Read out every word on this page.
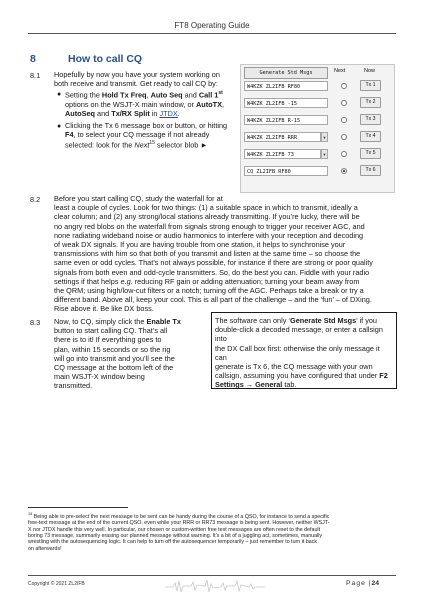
FT8 Operating Guide
8	How to call CQ
8.1 Hopefully by now you have your system working on
both receive and transmit. Get ready to call CQ by:
● Setting the Hold Tx Freq, Auto Seq and Call 1st
options on the WSJT-X main window, or AutoTX,
AutoSeq and Tx/RX Split in JTDX.
● Clicking the Tx 6 message box or button, or hitting
F4, to select your CQ message if not already
selected: look for the Next$^{15}$ selector blob ►
Generate Std Msgs	Next	Now
W4KZK ZL2IFB RF80	Tx 1
W4KZK ZL2IFB -15	Tx 2
W4KZK ZL2IFB R-15	Tx 3
W4KZK ZL2IFB RRR	▼	Tx 4
W4KZK ZL2IFB 73	▼	Tx 5
CQ ZL2IFB RF80	Tx 6
8.2 Before you start calling CQ, study the waterfall for at
least a couple of cycles. Look for two things: (1) a suitable space in which to transmit, ideally a
clear column; and (2) any strong/local stations already transmitting. If you’re lucky, there will be
no angry red blobs on the waterfall from signals strong enough to trigger your receiver AGC, and
none radiating wideband noise or audio harmonics to interfere with your reception and decoding
of weak DX signals. If you are having trouble from one station, it helps to synchronise your
transmissions with him so that both of you transmit and listen at the same time – so choose the
same even or odd cycles. That’s not always possible, for instance if there are strong or poor quality
signals from both even and odd-cycle transmitters. So, do the best you can. Fiddle with your radio
settings if that helps e.g. reducing RF gain or adding attenuation; turning your beam away from
the QRM; using high/low-cut filters or a notch; turning off the AGC. Perhaps take a break or try a
different band. Above all, keep your cool. This is all part of the challenge – and the ‘fun’ – of DXing.
Rise above it. Be like DX boss.
8.3 Now, to CQ, simply click the Enable Tx
button to start calling CQ. That’s all
there is to it! If everything goes to
plan, within 15 seconds or so the rig
will go into transmit and you’ll see the
CQ message at the bottom left of the
main WSJT-X window being
transmitted.
The software can only ‘Generate Std Msgs’ if you
double-click a decoded message, or enter a callsign into
the DX Call box first: otherwise the only message it can
generate is Tx 6, the CQ message with your own
callsign, assuming you have configured that under F2
Settings → General tab.
$^{15}$ Being able to pre-select the next message to be sent can be handy during the course of a QSO, for instance to send a specific
free-text message at the end of the current QSO, even while your RRR or RR73 message is being sent. However, neither WSJT-
X nor JTDX handle this very well. In particular, our chosen or custom-written free text messages are often reset to the default
boring 73 message, summarily erasing our planned message without warning. It’s a bit of a juggling act, sometimes, manually
wrestling with the autosequencing logic. It can help to turn off the autosequencer temporarily – just remember to turn it back
on afterwards!
Copyright © 2021 ZL2IFB	Page |24
